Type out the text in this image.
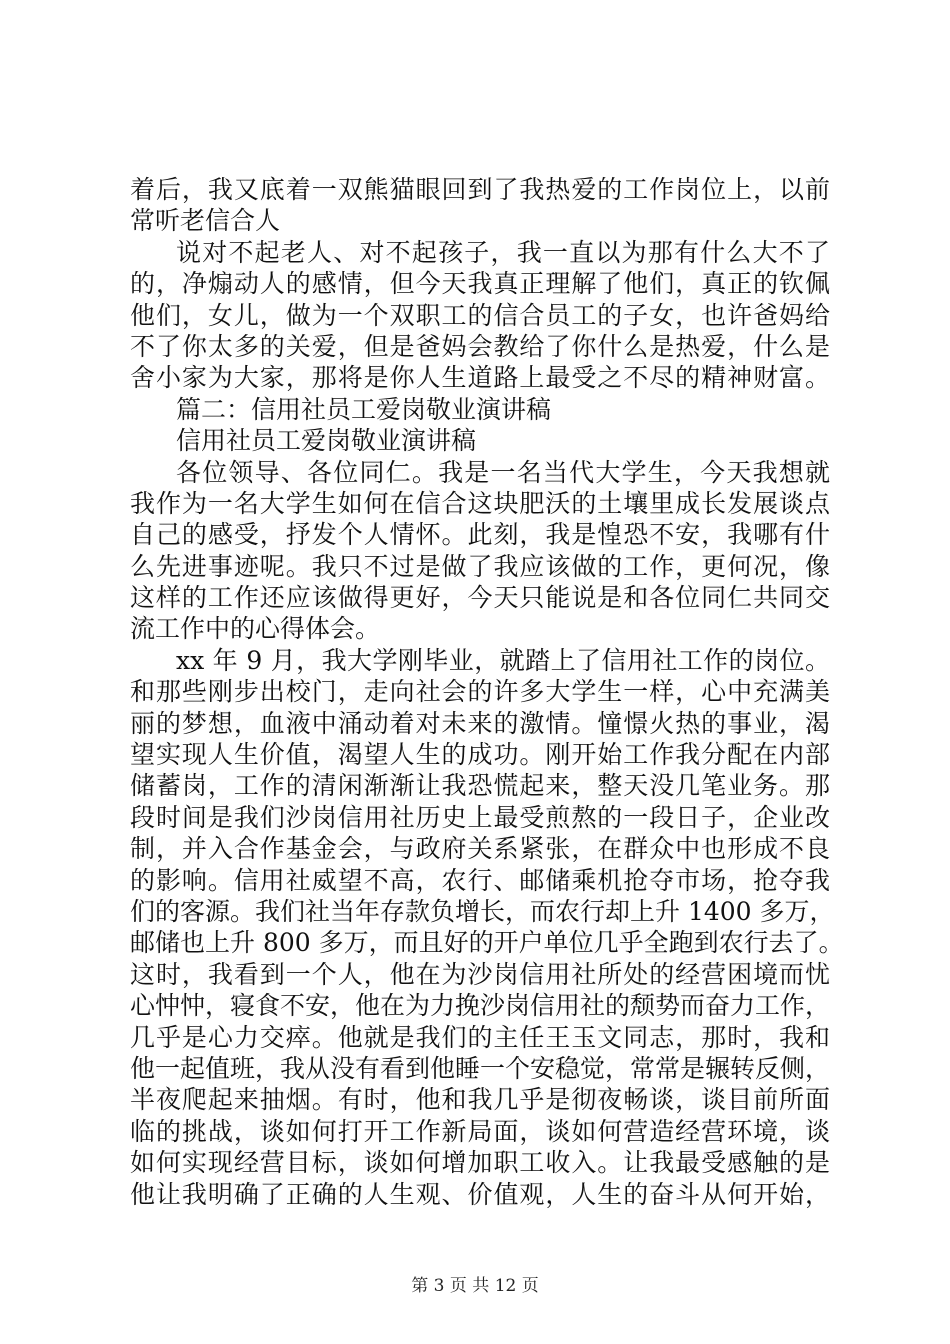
着后，我又底着一双熊猫眼回到了我热爱的工作岗位上，以前
常听老信合人
说对不起老人、对不起孩子，我一直以为那有什么大不了
的，净煽动人的感情，但今天我真正理解了他们，真正的钦佩
他们，女儿，做为一个双职工的信合员工的子女，也许爸妈给
不了你太多的关爱，但是爸妈会教给了你什么是热爱，什么是
舍小家为大家，那将是你人生道路上最受之不尽的精神财富。
篇二：信用社员工爱岗敬业演讲稿
信用社员工爱岗敬业演讲稿
各位领导、各位同仁。我是一名当代大学生，今天我想就
我作为一名大学生如何在信合这块肥沃的土壤里成长发展谈点
自己的感受，抒发个人情怀。此刻，我是惶恐不安，我哪有什
么先进事迹呢。我只不过是做了我应该做的工作，更何况，像
这样的工作还应该做得更好，今天只能说是和各位同仁共同交
流工作中的心得体会。
xx 年 9 月，我大学刚毕业，就踏上了信用社工作的岗位。
和那些刚步出校门，走向社会的许多大学生一样，心中充满美
丽的梦想，血液中涌动着对未来的激情。憧憬火热的事业，渴
望实现人生价值，渴望人生的成功。刚开始工作我分配在内部
储蓄岗，工作的清闲渐渐让我恐慌起来，整天没几笔业务。那
段时间是我们沙岗信用社历史上最受煎熬的一段日子，企业改
制，并入合作基金会，与政府关系紧张，在群众中也形成不良
的影响。信用社威望不高，农行、邮储乘机抢夺市场，抢夺我
们的客源。我们社当年存款负增长，而农行却上升 1400 多万，
邮储也上升 800 多万，而且好的开户单位几乎全跑到农行去了。
这时，我看到一个人，他在为沙岗信用社所处的经营困境而忧
心忡忡，寝食不安，他在为力挽沙岗信用社的颓势而奋力工作，
几乎是心力交瘁。他就是我们的主任王玉文同志，那时，我和
他一起值班，我从没有看到他睡一个安稳觉，常常是辗转反侧，
半夜爬起来抽烟。有时，他和我几乎是彻夜畅谈，谈目前所面
临的挑战，谈如何打开工作新局面，谈如何营造经营环境，谈
如何实现经营目标，谈如何增加职工收入。让我最受感触的是
他让我明确了正确的人生观、价值观，人生的奋斗从何开始，
第 3 页 共 12 页
